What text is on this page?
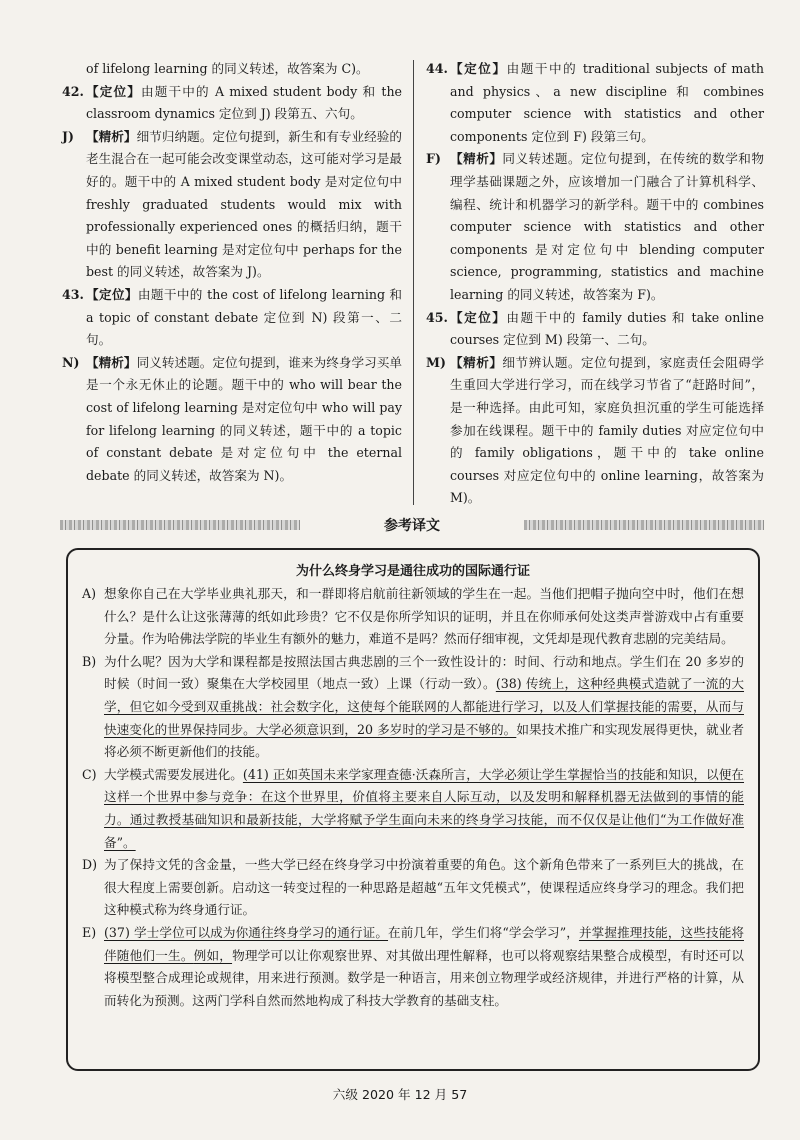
of lifelong learning 的同义转述，故答案为 C)。

42. 【定位】由题干中的 A mixed student body 和 the classroom dynamics 定位到 J) 段第五、六句。
J) 【精析】细节归纳题。定位句提到，新生和有专业经验的老生混合在一起可能会改变课堂动态，这可能对学习是最好的。题干中的 A mixed student body 是对定位句中 freshly graduated students would mix with professionally experienced ones 的概括归纳，题干中的 benefit learning 是对定位句中 perhaps for the best 的同义转述，故答案为 J)。
43. 【定位】由题干中的 the cost of lifelong learning 和 a topic of constant debate 定位到 N) 段第一、二句。
N) 【精析】同义转述题。定位句提到，谁来为终身学习买单是一个永无休止的论题。题干中的 who will bear the cost of lifelong learning 是对定位句中 who will pay for lifelong learning 的同义转述，题干中的 a topic of constant debate 是对定位句中 the eternal debate 的同义转述，故答案为 N)。
44. 【定位】由题干中的 traditional subjects of math and physics、a new discipline 和 combines computer science with statistics and other components 定位到 F) 段第三句。
F) 【精析】同义转述题。定位句提到，在传统的数学和物理学基础课题之外，应该增加一门融合了计算机科学、编程、统计和机器学习的新学科。题干中的 combines computer science with statistics and other components 是对定位句中 blending computer science, programming, statistics and machine learning 的同义转述，故答案为 F)。
45. 【定位】由题干中的 family duties 和 take online courses 定位到 M) 段第一、二句。
M) 【精析】细节辨认题。定位句提到，家庭责任会阻碍学生重回大学进行学习，而在线学习节省了“赶路时间”，是一种选择。由此可知，家庭负担沉重的学生可能选择参加在线课程。题干中的 family duties 对应定位句中的 family obligations，题干中的 take online courses 对应定位句中的 online learning，故答案为 M)。
参考译文

为什么终身学习是通往成功的国际通行证

A) 想象你自己在大学毕业典礼那天，和一群即将启航前往新领域的学生在一起。当他们把帽子抛向空中时，他们在想什么？是什么让这张薄薄的纸如此珍贵？它不仅是你所学知识的证明，并且在你师承何处这类声誉游戏中占有重要分量。作为哈佛法学院的毕业生有额外的魅力，难道不是吗？然而仔细审视，文凭却是现代教育悲剧的完美结局。
B) 为什么呢？因为大学和课程都是按照法国古典悲剧的三个一致性设计的：时间、行动和地点。学生们在 20 多岁的时候（时间一致）聚集在大学校园里（地点一致）上课（行动一致）。(38) 传统上，这种经典模式造就了一流的大学，但它如今受到双重挑战：社会数字化，这使每个能联网的人都能进行学习，以及人们掌握技能的需要，从而与快速变化的世界保持同步。大学必须意识到，20 多岁时的学习是不够的。如果技术推广和实现发展得更快，就业者将必须不断更新他们的技能。
C) 大学模式需要发展进化。(41) 正如英国未来学家理查德·沃森所言，大学必须让学生掌握恰当的技能和知识，以便在这样一个世界中参与竞争：在这个世界里，价值将主要来自人际互动，以及发明和解释机器无法做到的事情的能力。通过教授基础知识和最新技能，大学将赋予学生面向未来的终身学习技能，而不仅仅是让他们“为工作做好准备”。
D) 为了保持文凭的含金量，一些大学已经在终身学习中扮演着重要的角色。这个新角色带来了一系列巨大的挑战，在很大程度上需要创新。启动这一转变过程的一种思路是超越“五年文凭模式”，使课程适应终身学习的理念。我们把这种模式称为终身通行证。
E) (37) 学士学位可以成为你通往终身学习的通行证。在前几年，学生们将“学会学习”，并掌握推理技能，这些技能将伴随他们一生。例如，物理学可以让你观察世界、对其做出理性解释，也可以将观察结果整合成模型，有时还可以将模型整合成理论或规律，用来进行预测。数学是一种语言，用来创立物理学或经济规律，并进行严格的计算，从而转化为预测。这两门学科自然而然地构成了科技大学教育的基础支柱。
六级 2020 年 12 月 57
